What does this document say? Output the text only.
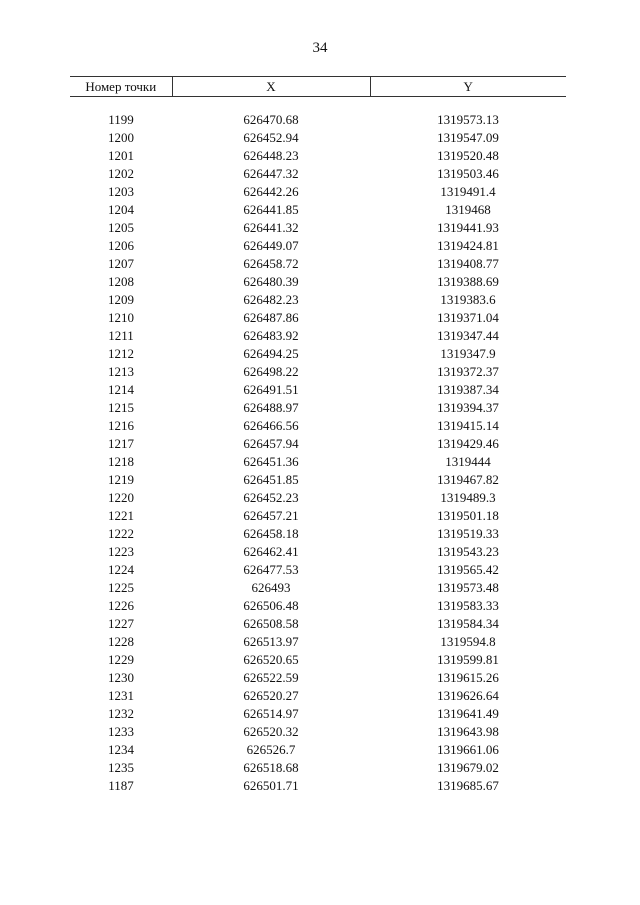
34
Номер точки	X	Y

1199	626470.68	1319573.13
1200	626452.94	1319547.09
1201	626448.23	1319520.48
1202	626447.32	1319503.46
1203	626442.26	1319491.4
1204	626441.85	1319468
1205	626441.32	1319441.93
1206	626449.07	1319424.81
1207	626458.72	1319408.77
1208	626480.39	1319388.69
1209	626482.23	1319383.6
1210	626487.86	1319371.04
1211	626483.92	1319347.44
1212	626494.25	1319347.9
1213	626498.22	1319372.37
1214	626491.51	1319387.34
1215	626488.97	1319394.37
1216	626466.56	1319415.14
1217	626457.94	1319429.46
1218	626451.36	1319444
1219	626451.85	1319467.82
1220	626452.23	1319489.3
1221	626457.21	1319501.18
1222	626458.18	1319519.33
1223	626462.41	1319543.23
1224	626477.53	1319565.42
1225	626493	1319573.48
1226	626506.48	1319583.33
1227	626508.58	1319584.34
1228	626513.97	1319594.8
1229	626520.65	1319599.81
1230	626522.59	1319615.26
1231	626520.27	1319626.64
1232	626514.97	1319641.49
1233	626520.32	1319643.98
1234	626526.7	1319661.06
1235	626518.68	1319679.02
1187	626501.71	1319685.67
